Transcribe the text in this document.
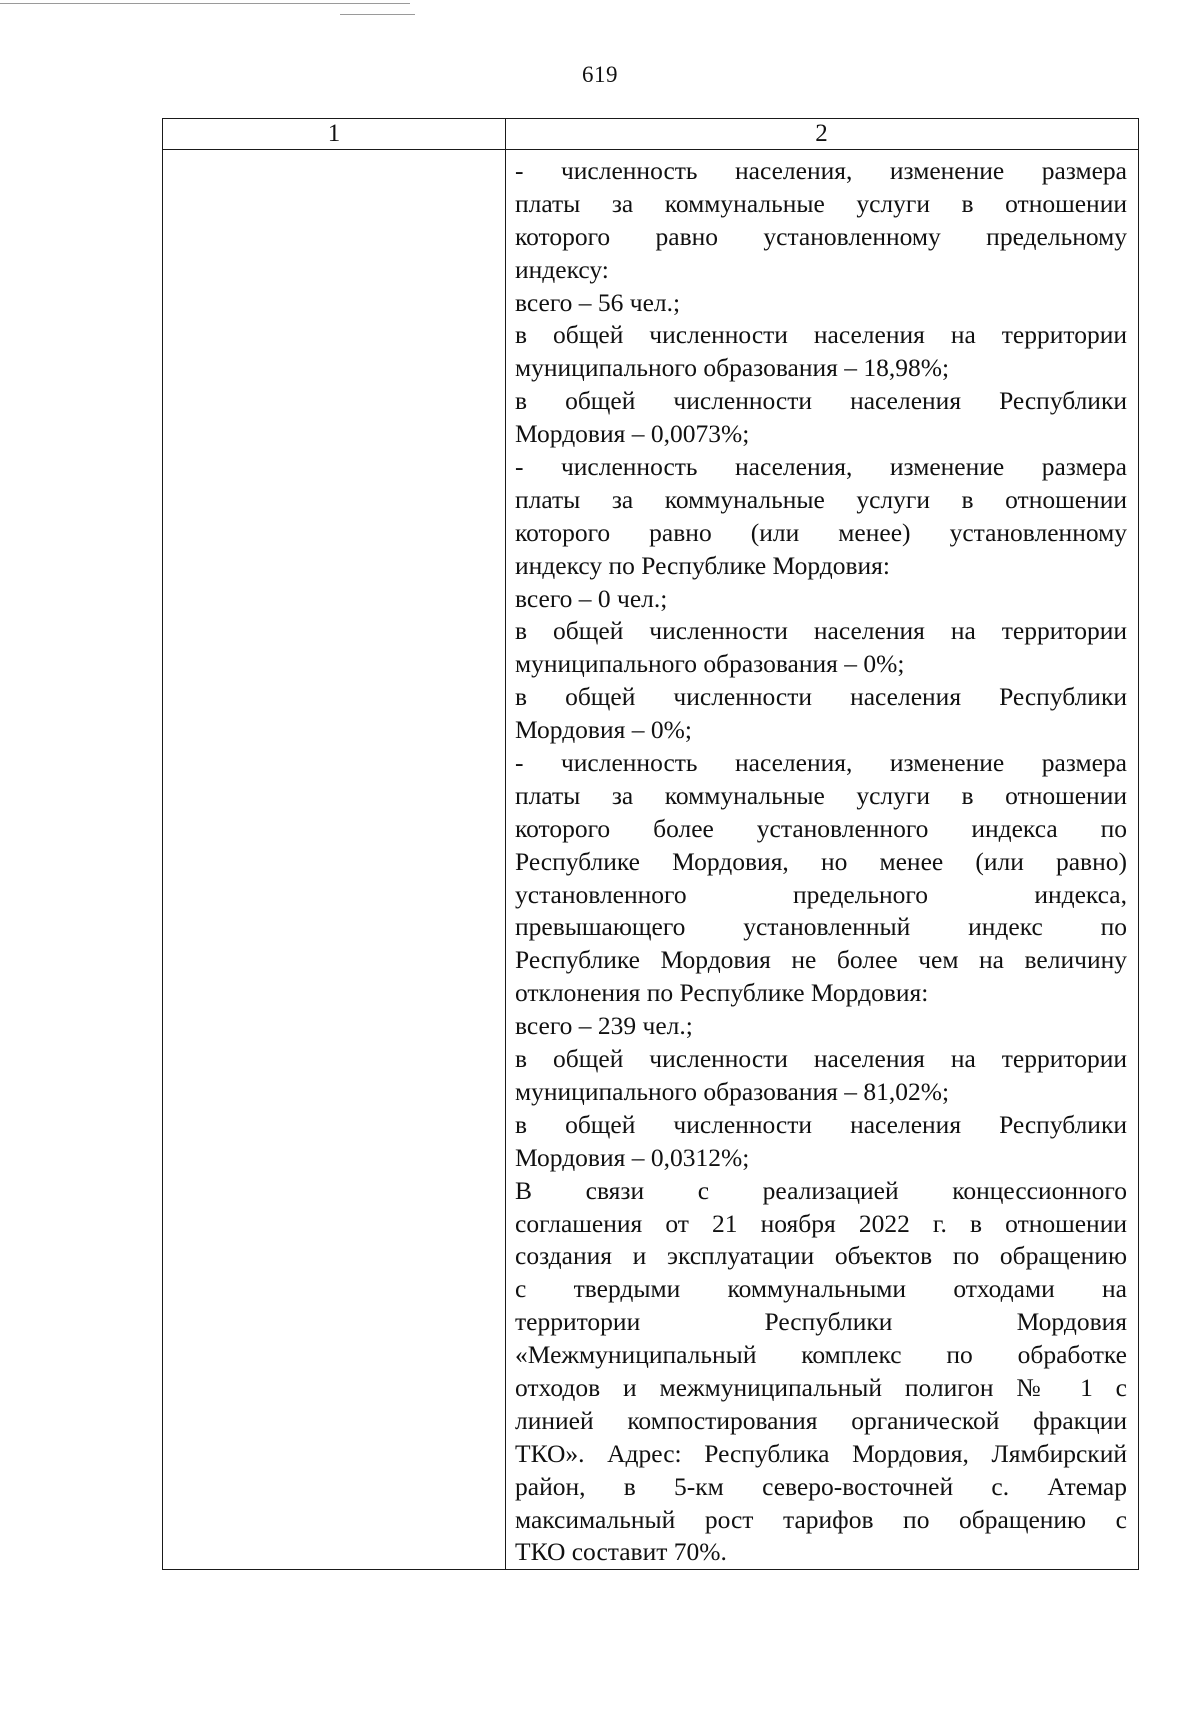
619
1	2
- численность населения, изменение размера
платы за коммунальные услуги в отношении
которого равно установленному предельному
индексу:
всего – 56 чел.;
в общей численности населения на территории
муниципального образования – 18,98%;
в общей численности населения Республики
Мордовия – 0,0073%;
- численность населения, изменение размера
платы за коммунальные услуги в отношении
которого равно (или менее) установленному
индексу по Республике Мордовия:
всего – 0 чел.;
в общей численности населения на территории
муниципального образования – 0%;
в общей численности населения Республики
Мордовия – 0%;
- численность населения, изменение размера
платы за коммунальные услуги в отношении
которого более установленного индекса по
Республике Мордовия, но менее (или равно)
установленного предельного индекса,
превышающего установленный индекс по
Республике Мордовия не более чем на величину
отклонения по Республике Мордовия:
всего – 239 чел.;
в общей численности населения на территории
муниципального образования – 81,02%;
в общей численности населения Республики
Мордовия – 0,0312%;
В связи с реализацией концессионного
соглашения от 21 ноября 2022 г. в отношении
создания и эксплуатации объектов по обращению
с твердыми коммунальными отходами на
территории Республики Мордовия
«Межмуниципальный комплекс по обработке
отходов и межмуниципальный полигон № 1 с
линией компостирования органической фракции
ТКО». Адрес: Республика Мордовия, Лямбирский
район, в 5-км северо-восточней с. Атемар
максимальный рост тарифов по обращению с
ТКО составит 70%.
